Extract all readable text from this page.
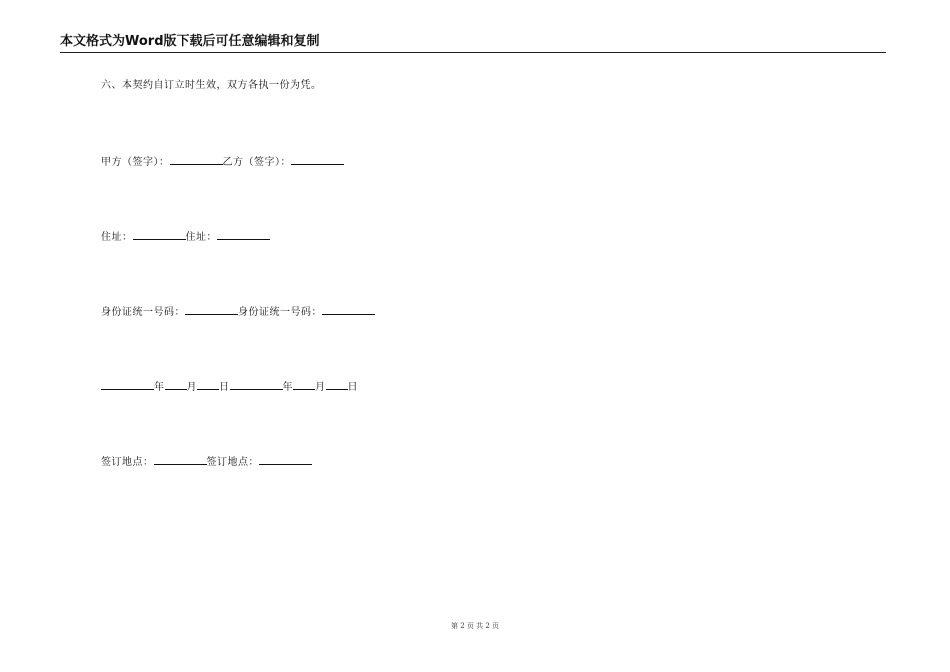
本文格式为Word版下载后可任意编辑和复制
六、本契约自订立时生效，双方各执一份为凭。
甲方（签字）：	乙方（签字）：
住址：	住址：
身份证统一号码：	身份证统一号码：
年 月 日	年 月 日
签订地点：	签订地点：
第 2 页 共 2 页
